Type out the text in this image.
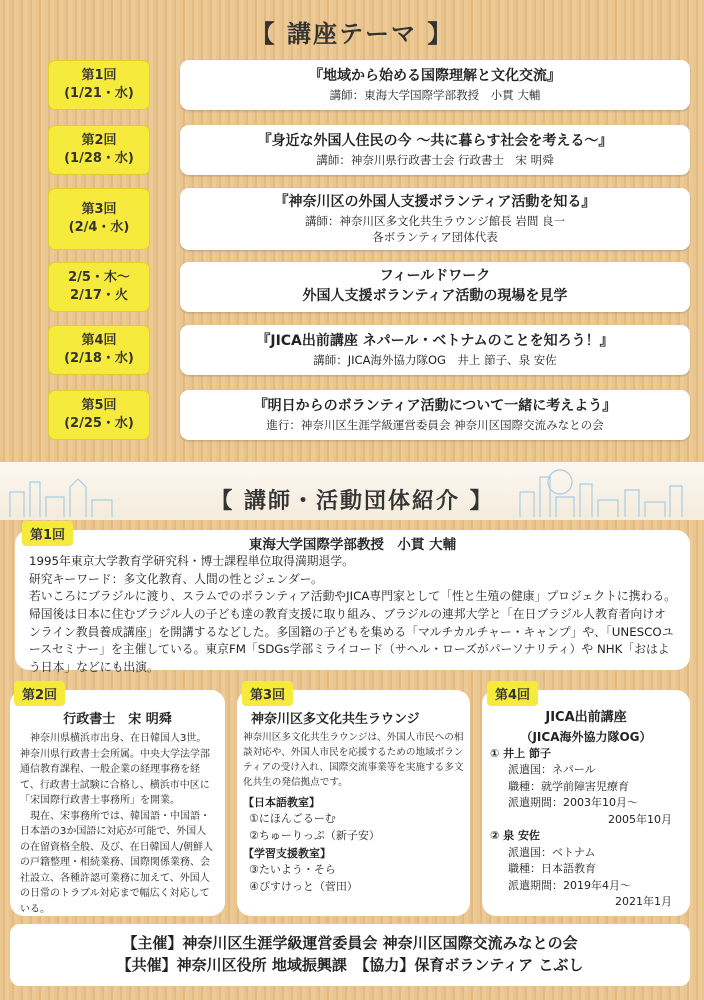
【 講座テーマ 】
第1回
(1/21・水)
『地域から始める国際理解と文化交流』
講師：東海大学国際学部教授　小貫 大輔
第2回
(1/28・水)
『身近な外国人住民の今 ～共に暮らす社会を考える～』
講師：神奈川県行政書士会 行政書士　宋 明舜
第3回
(2/4・水)
『神奈川区の外国人支援ボランティア活動を知る』
講師：神奈川区多文化共生ラウンジ館長 岩間 良一
各ボランティア団体代表
2/5・木～
2/17・火
フィールドワーク
外国人支援ボランティア活動の現場を見学
第4回
(2/18・水)
『JICA出前講座 ネパール・ベトナムのことを知ろう！』
講師：JICA海外協力隊OG　井上 節子、泉 安佐
第5回
(2/25・水)
『明日からのボランティア活動について一緒に考えよう』
進行：神奈川区生涯学級運営委員会 神奈川区国際交流みなとの会
【 講師・活動団体紹介 】
東海大学国際学部教授　小貫 大輔
1995年東京大学教育学研究科・博士課程単位取得満期退学。
研究キーワード：多文化教育、人間の性とジェンダー。
若いころにブラジルに渡り、スラムでのボランティア活動やJICA専門家として「性と生殖の健康」プロジェクトに携わる。帰国後は日本に住むブラジル人の子ども達の教育支援に取り組み、ブラジルの連邦大学と「在日ブラジル人教育者向けオンライン教員養成講座」を開講するなどした。多国籍の子どもを集める「マルチカルチャー・キャンプ」や、「UNESCOユースセミナー」を主催している。東京FM「SDGs学部ミライコード（サヘル・ローズがパーソナリティ）や NHK「おはよう日本」などにも出演。
第1回
行政書士　宋 明舜
神奈川県横浜市出身、在日韓国人3世。神奈川県行政書士会所属。中央大学法学部通信教育課程、一般企業の経理事務を経て、行政書士試験に合格し、横浜市中区に「宋国際行政書士事務所」を開業。
現在、宋事務所では、韓国語・中国語・日本語の3か国語に対応が可能で、外国人の在留資格全般、及び、在日韓国人/朝鮮人の戸籍整理・相続業務、国際関係業務、会社設立、各種許認可業務に加えて、外国人の日常のトラブル対応まで幅広く対応している。
第2回
神奈川区多文化共生ラウンジ
神奈川区多文化共生ラウンジは、外国人市民への相談対応や、外国人市民を応援するための地域ボランティアの受け入れ、国際交流事業等を実施する多文化共生の発信拠点です。
【日本語教室】
①にほんごるーむ
②ちゅーりっぷ（新子安）
【学習支援教室】
③たいよう・そら
④ぴすけっと（菅田）
第3回
JICA出前講座
（JICA海外協力隊OG）
① 井上 節子
派遣国：ネパール
職種：就学前障害児療育
派遣期間：2003年10月～
2005年10月
② 泉 安佐
派遣国：ベトナム
職種：日本語教育
派遣期間：2019年4月～
2021年1月
第4回
【主催】神奈川区生涯学級運営委員会 神奈川区国際交流みなとの会
【共催】神奈川区役所 地域振興課　【協力】保育ボランティア こぶし
